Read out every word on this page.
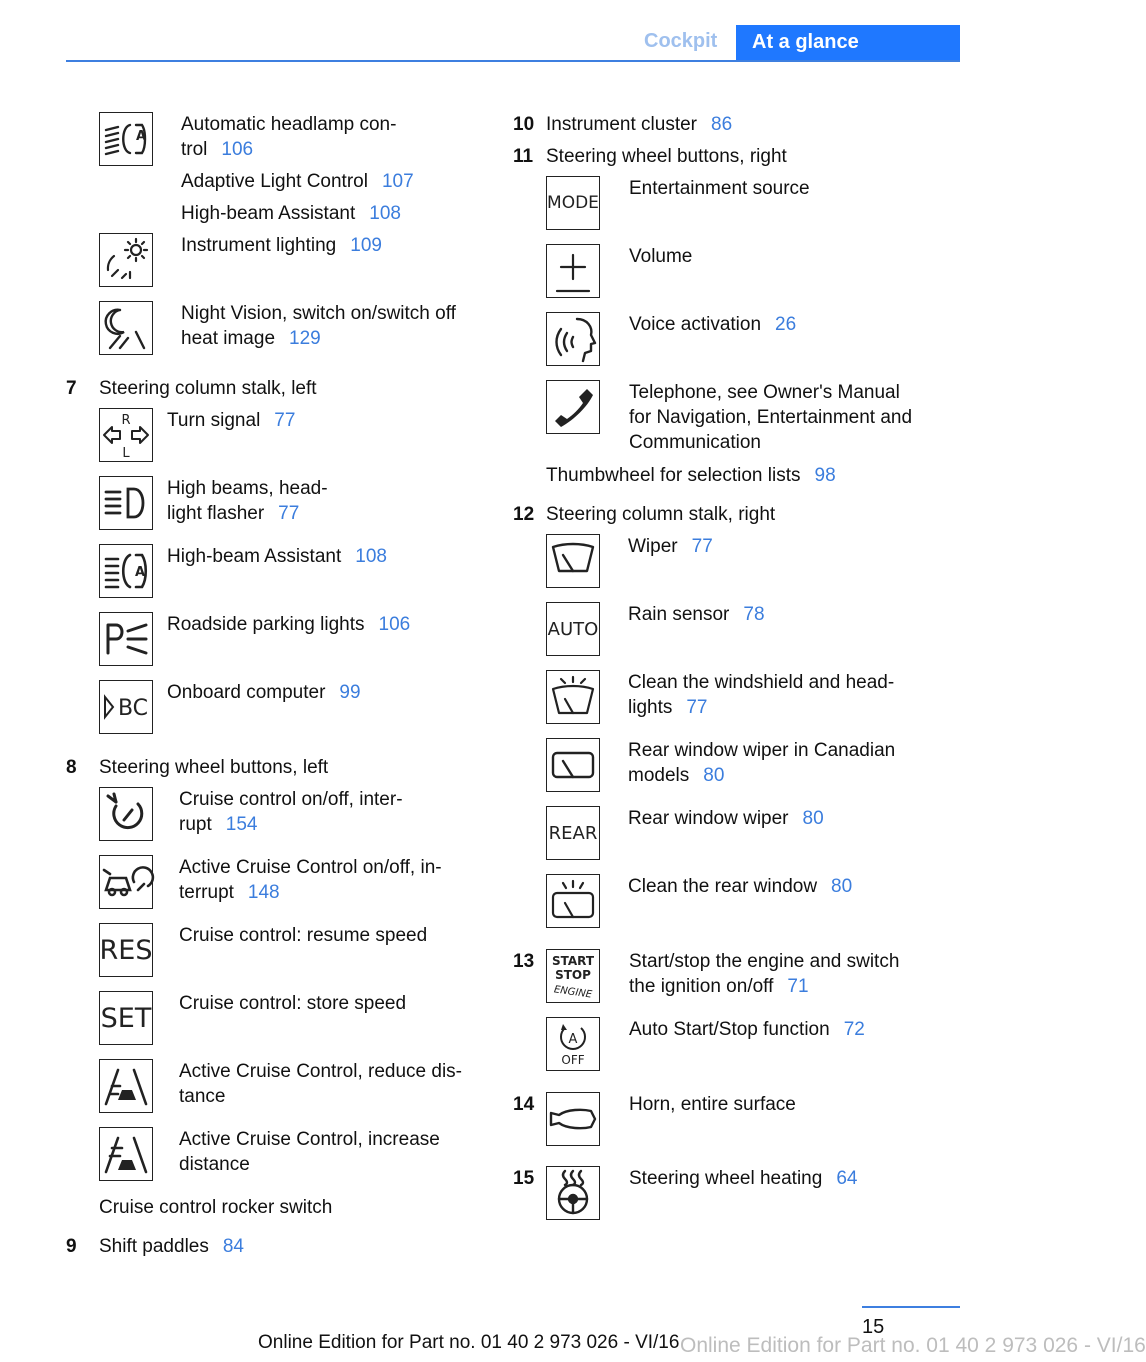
Cockpit At a glance
A
Automatic headlamp con-
trol 106
Adaptive Light Control 107
High-beam Assistant 108
Instrument lighting 109
Night Vision, switch on/switch off
heat image 129
7 Steering column stalk, left
R
L
Turn signal 77
High beams, head-
light flasher 77
A
High-beam Assistant 108
Roadside parking lights 106
BC
Onboard computer 99
8 Steering wheel buttons, left
Cruise control on/off, inter-
rupt 154
Active Cruise Control on/off, in-
terrupt 148
RES Cruise control: resume speed
SET Cruise control: store speed
Active Cruise Control, reduce dis-
tance
Active Cruise Control, increase
distance
Cruise control rocker switch
9 Shift paddles 84
10 Instrument cluster 86
11 Steering wheel buttons, right
MODE
Entertainment source
Volume
Voice activation 26
Telephone, see Owner's Manual
for Navigation, Entertainment and
Communication
Thumbwheel for selection lists 98
12 Steering column stalk, right
Wiper 77
AUTO
Rain sensor 78
Clean the windshield and head-
lights 77
Rear window wiper in Canadian
models 80
REAR
Rear window wiper 80
Clean the rear window 80
13 START
STOP
ENGINE
Start/stop the engine and switch
the ignition on/off 71
A
OFF
Auto Start/Stop function 72
14	Horn, entire surface
15	Steering wheel heating 64
15
Online Edition for Part no. 01 40 2 973 026 - VI/16 Online Edition for Part no. 01 40 2 973 026 - VI/16
